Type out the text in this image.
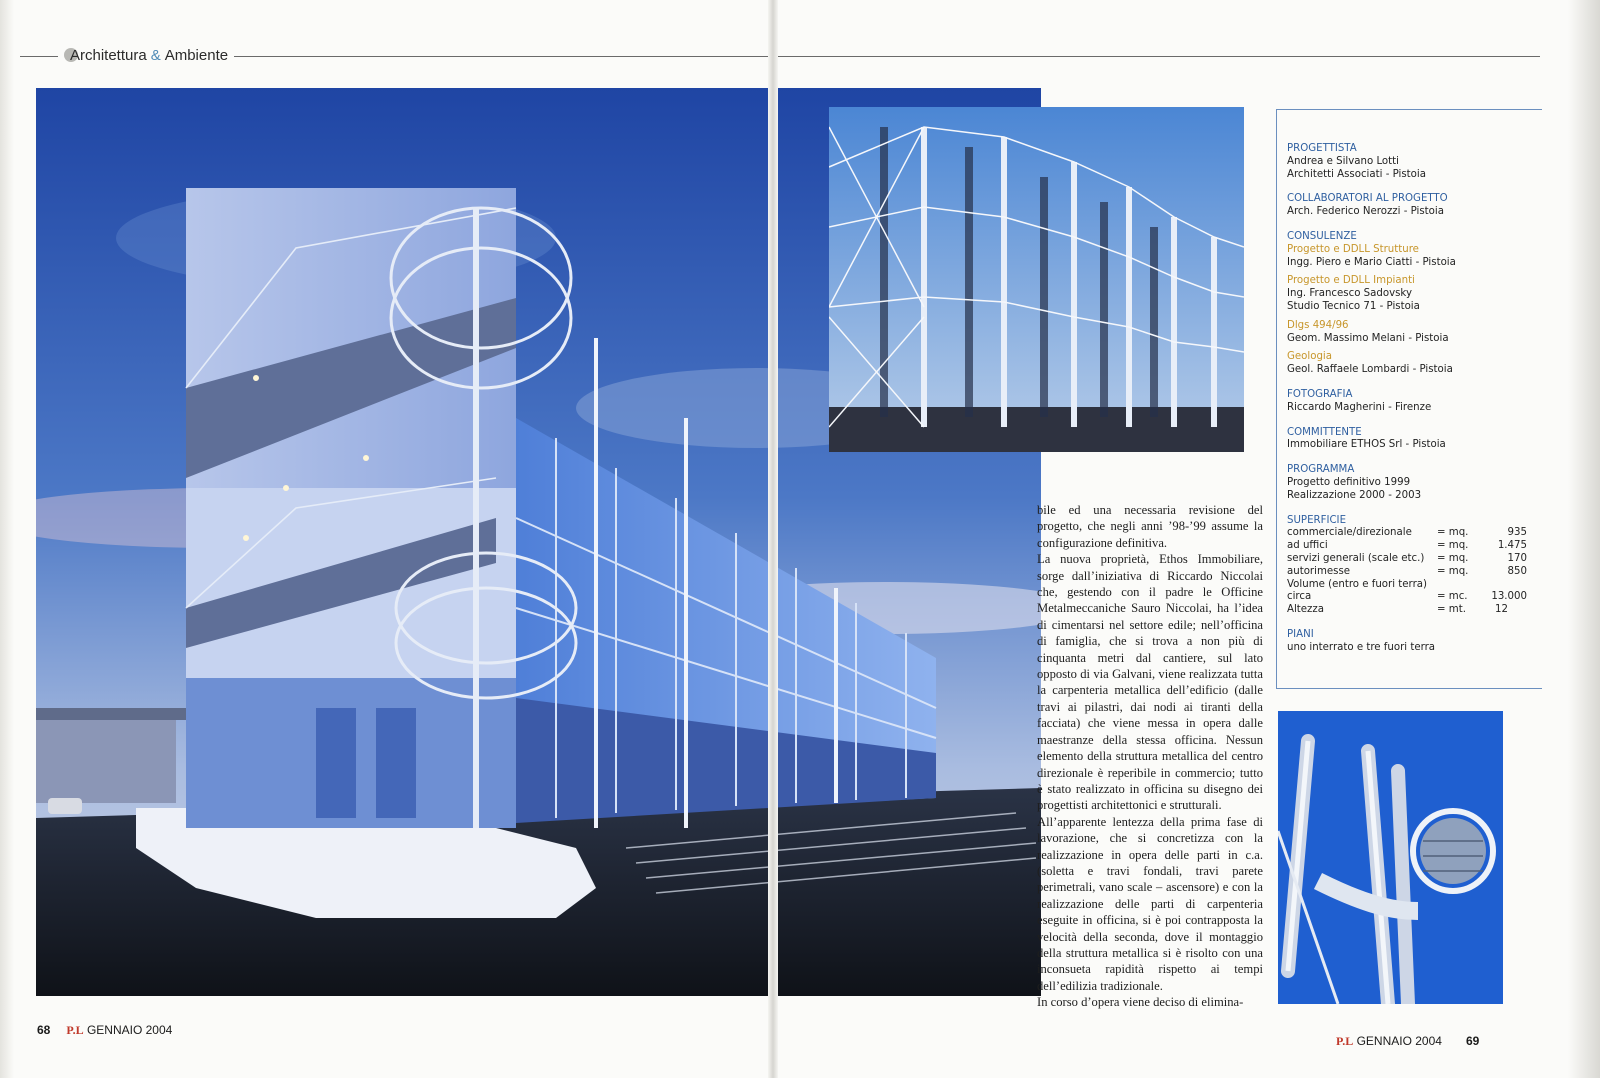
Architettura & Ambiente

bile ed una necessaria revisione del progetto, che negli anni ’98-’99 assume la configurazione definitiva.

La nuova proprietà, Ethos Immobiliare, sorge dall’iniziativa di Riccardo Niccolai che, gestendo con il padre le Officine Metalmeccaniche Sauro Niccolai, ha l’idea di cimentarsi nel settore edile; nell’officina di famiglia, che si trova a non più di cinquanta metri dal cantiere, sul lato opposto di via Galvani, viene realizzata tutta la carpenteria metallica dell’edificio (dalle travi ai pilastri, dai nodi ai tiranti della facciata) che viene messa in opera dalle maestranze della stessa officina. Nessun elemento della struttura metallica del centro direzionale è reperibile in commercio; tutto è stato realizzato in officina su disegno dei progettisti architettonici e strutturali.

All’apparente lentezza della prima fase di lavorazione, che si concretizza con la realizzazione in opera delle parti in c.a. (soletta e travi fondali, travi parete perimetrali, vano scale – ascensore) e con la realizzazione delle parti di carpenteria eseguite in officina, si è poi contrapposta la velocità della seconda, dove il montaggio della struttura metallica si è risolto con una inconsueta rapidità rispetto ai tempi dell’edilizia tradizionale.

In corso d’opera viene deciso di elimina-

PROGETTISTA
Andrea e Silvano Lotti
Architetti Associati - Pistoia
COLLABORATORI AL PROGETTO
Arch. Federico Nerozzi - Pistoia
CONSULENZE
Progetto e DDLL Strutture
Ingg. Piero e Mario Ciatti - Pistoia
Progetto e DDLL Impianti
Ing. Francesco Sadovsky
Studio Tecnico 71 - Pistoia
Dlgs 494/96
Geom. Massimo Melani - Pistoia
Geologia
Geol. Raffaele Lombardi - Pistoia
FOTOGRAFIA
Riccardo Magherini - Firenze
COMMITTENTE
Immobiliare ETHOS Srl - Pistoia
PROGRAMMA
Progetto definitivo 1999
Realizzazione 2000 - 2003
SUPERFICIE
commerciale/direzionale	= mq.	935
ad uffici	= mq.	1.475
servizi generali (scale etc.)	= mq.	170
autorimesse	= mq.	850
Volume (entro e fuori terra)
circa	= mc.	13.000
Altezza	= mt.	12
PIANI
uno interrato e tre fuori terra
68 P.L GENNAIO 2004
P.L GENNAIO 2004 69
